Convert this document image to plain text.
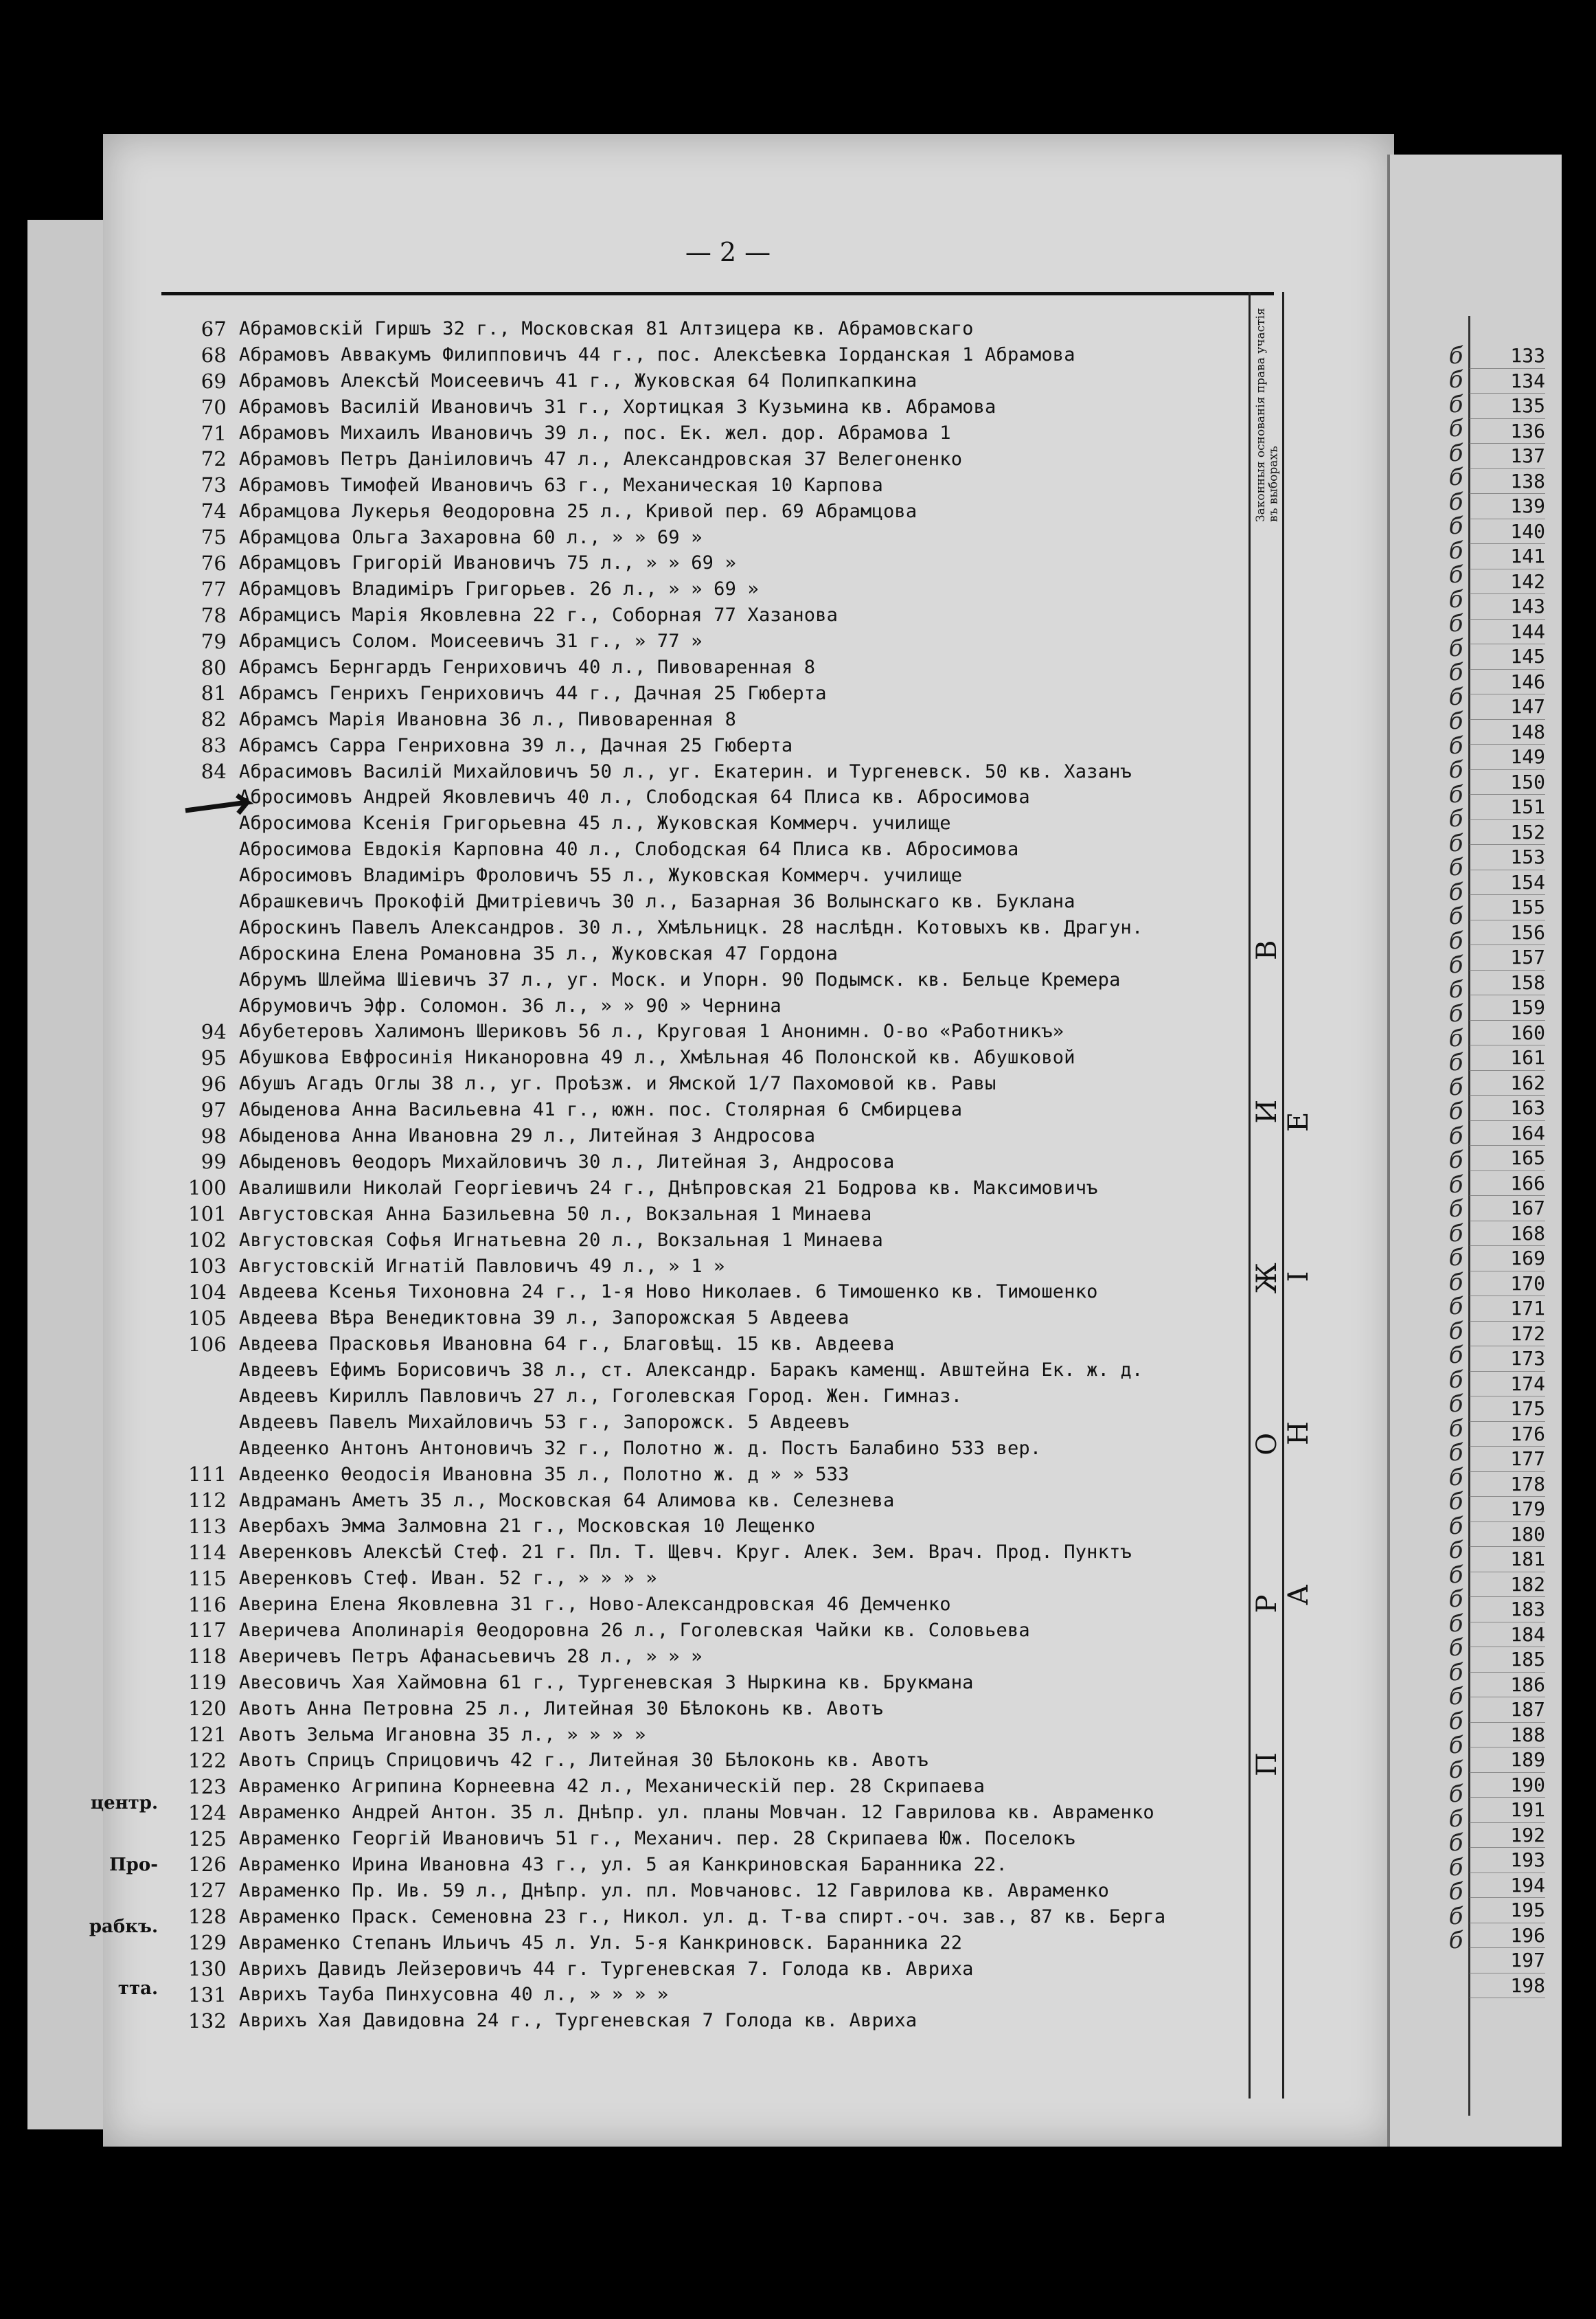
— 2 —
Законныя основанія права участія въ выборахъ
П Р О Ж И В А Н І Е
67 Абрамовскій Гиршъ 32 г., Московская 81 Алтзицера кв. Абрамовскаго
68 Абрамовъ Аввакумъ Филипповичъ 44 г., пос. Алексѣевка Іорданская 1 Абрамова
69 Абрамовъ Алексѣй Моисеевичъ 41 г., Жуковская 64 Полипкапкина
70 Абрамовъ Василій Ивановичъ 31 г., Хортицкая 3 Кузьмина кв. Абрамова
71 Абрамовъ Михаилъ Ивановичъ 39 л., пос. Ек. жел. дор. Абрамова 1
72 Абрамовъ Петръ Даніиловичъ 47 л., Александровская 37 Велегоненко
73 Абрамовъ Тимофей Ивановичъ 63 г., Механическая 10 Карпова
74 Абрамцова Лукерья Ѳеодоровна 25 л., Кривой пер. 69 Абрамцова
75 Абрамцова Ольга Захаровна 60 л., » » 69 »
76 Абрамцовъ Григорій Ивановичъ 75 л., » » 69 »
77 Абрамцовъ Владиміръ Григорьев. 26 л., » » 69 »
78 Абрамцисъ Марія Яковлевна 22 г., Соборная 77 Хазанова
79 Абрамцисъ Солом. Моисеевичъ 31 г., » 77 »
80 Абрамсъ Бернгардъ Генриховичъ 40 л., Пивоваренная 8
81 Абрамсъ Генрихъ Генриховичъ 44 г., Дачная 25 Гюберта
82 Абрамсъ Марія Ивановна 36 л., Пивоваренная 8
83 Абрамсъ Сарра Генриховна 39 л., Дачная 25 Гюберта
84 Абрасимовъ Василій Михайловичъ 50 л., уг. Екатерин. и Тургеневск. 50 кв. Хазанъ
Абросимовъ Андрей Яковлевичъ 40 л., Слободская 64 Плиса кв. Абросимова
Абросимова Ксенія Григорьевна 45 л., Жуковская Коммерч. училище
Абросимова Евдокія Карповна 40 л., Слободская 64 Плиса кв. Абросимова
Абросимовъ Владиміръ Фроловичъ 55 л., Жуковская Коммерч. училище
Абрашкевичъ Прокофій Дмитріевичъ 30 л., Базарная 36 Волынскаго кв. Буклана
Аброскинъ Павелъ Александров. 30 л., Хмѣльницк. 28 наслѣдн. Котовыхъ кв. Драгун.
Аброскина Елена Романовна 35 л., Жуковская 47 Гордона
Абрумъ Шлейма Шіевичъ 37 л., уг. Моск. и Упорн. 90 Подымск. кв. Бельце Кремера
Абрумовичъ Эфр. Соломон. 36 л., » » 90 » Чернина
94 Абубетеровъ Халимонъ Шериковъ 56 л., Круговая 1 Анонимн. О-во «Работникъ»
95 Абушкова Евфросинія Никаноровна 49 л., Хмѣльная 46 Полонской кв. Абушковой
96 Абушъ Агадъ Оглы 38 л., уг. Проѣзж. и Ямской 1/7 Пахомовой кв. Равы
97 Абыденова Анна Васильевна 41 г., южн. пос. Столярная 6 Смбирцева
98 Абыденова Анна Ивановна 29 л., Литейная 3 Андросова
99 Абыденовъ Ѳеодоръ Михайловичъ 30 л., Литейная 3, Андросова
100 Авалишвили Николай Георгіевичъ 24 г., Днѣпровская 21 Бодрова кв. Максимовичъ
101 Августовская Анна Базильевна 50 л., Вокзальная 1 Минаева
102 Августовская Софья Игнатьевна 20 л., Вокзальная 1 Минаева
103 Августовскій Игнатій Павловичъ 49 л., » 1 »
104 Авдеева Ксенья Тихоновна 24 г., 1-я Ново Николаев. 6 Тимошенко кв. Тимошенко
105 Авдеева Вѣра Венедиктовна 39 л., Запорожская 5 Авдеева
106 Авдеева Прасковья Ивановна 64 г., Благовѣщ. 15 кв. Авдеева
Авдеевъ Ефимъ Борисовичъ 38 л., ст. Александр. Баракъ каменщ. Авштейна Ек. ж. д.
Авдеевъ Кириллъ Павловичъ 27 л., Гоголевская Город. Жен. Гимназ.
Авдеевъ Павелъ Михайловичъ 53 г., Запорожск. 5 Авдеевъ
Авдеенко Антонъ Антоновичъ 32 г., Полотно ж. д. Постъ Балабино 533 вер.
111 Авдеенко Ѳеодосія Ивановна 35 л., Полотно ж. д » » 533
112 Авдраманъ Аметъ 35 л., Московская 64 Алимова кв. Селезнева
113 Авербахъ Эмма Залмовна 21 г., Московская 10 Лещенко
114 Аверенковъ Алексѣй Стеф. 21 г. Пл. Т. Щевч. Круг. Алек. Зем. Врач. Прод. Пунктъ
115 Аверенковъ Стеф. Иван. 52 г., » » » »
116 Аверина Елена Яковлевна 31 г., Ново-Александровская 46 Демченко
117 Аверичева Аполинарія Ѳеодоровна 26 л., Гоголевская Чайки кв. Соловьева
118 Аверичевъ Петръ Афанасьевичъ 28 л., » » »
119 Авесовичъ Хая Хаймовна 61 г., Тургеневская 3 Ныркина кв. Брукмана
120 Авотъ Анна Петровна 25 л., Литейная 30 Бѣлоконь кв. Авотъ
121 Авотъ Зельма Игановна 35 л., » » » »
122 Авотъ Сприцъ Сприцовичъ 42 г., Литейная 30 Бѣлоконь кв. Авотъ
123 Авраменко Агрипина Корнеевна 42 л., Механическій пер. 28 Скрипаева
124 Авраменко Андрей Антон. 35 л. Днѣпр. ул. планы Мовчан. 12 Гаврилова кв. Авраменко
125 Авраменко Георгій Ивановичъ 51 г., Механич. пер. 28 Скрипаева Юж. Поселокъ
126 Авраменко Ирина Ивановна 43 г., ул. 5 ая Канкриновская Баранника 22.
127 Авраменко Пр. Ив. 59 л., Днѣпр. ул. пл. Мовчановс. 12 Гаврилова кв. Авраменко
128 Авраменко Праск. Семеновна 23 г., Никол. ул. д. Т-ва спирт.-оч. зав., 87 кв. Берга
129 Авраменко Степанъ Ильичъ 45 л. Ул. 5-я Канкриновск. Баранника 22
130 Аврихъ Давидъ Лейзеровичъ 44 г. Тургеневская 7. Голода кв. Авриха
131 Аврихъ Тауба Пинхусовна 40 л., » » » »
132 Аврихъ Хая Давидовна 24 г., Тургеневская 7 Голода кв. Авриха
б
б
б
б
б
б
б
б
б
б
б
б
б
б
б
б
б
б
б
б
б
б
б
б
б
б
б
б
б
б
б
б
б
б
б
б
б
б
б
б
б
б
б
б
б
б
б
б
б
б
б
б
б
б
б
б
б
б
б
б
б
б
б
б
б
б
133
134
135
136
137
138
139
140
141
142
143
144
145
146
147
148
149
150
151
152
153
154
155
156
157
158
159
160
161
162
163
164
165
166
167
168
169
170
171
172
173
174
175
176
177
178
179
180
181
182
183
184
185
186
187
188
189
190
191
192
193
194
195
196
197
198
центр.
Про-
рабкъ.
тта.
